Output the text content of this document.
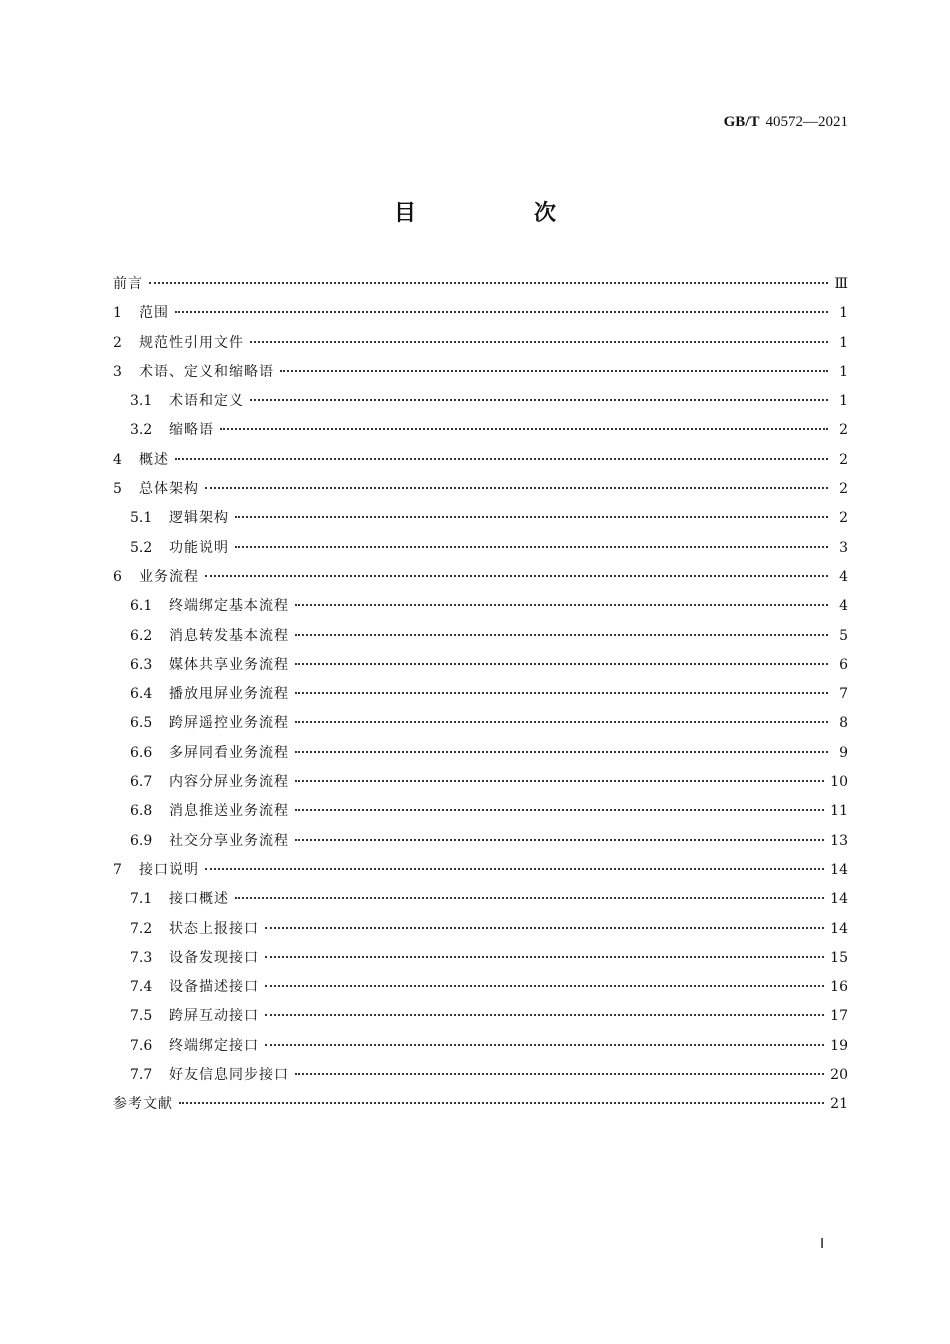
GB/T 40572—2021
目　次
前言	Ⅲ
1	范围	1
2	规范性引用文件	1
3	术语、定义和缩略语	1
3.1	术语和定义	1
3.2	缩略语	2
4	概述	2
5	总体架构	2
5.1	逻辑架构	2
5.2	功能说明	3
6	业务流程	4
6.1	终端绑定基本流程	4
6.2	消息转发基本流程	5
6.3	媒体共享业务流程	6
6.4	播放甩屏业务流程	7
6.5	跨屏遥控业务流程	8
6.6	多屏同看业务流程	9
6.7	内容分屏业务流程	10
6.8	消息推送业务流程	11
6.9	社交分享业务流程	13
7	接口说明	14
7.1	接口概述	14
7.2	状态上报接口	14
7.3	设备发现接口	15
7.4	设备描述接口	16
7.5	跨屏互动接口	17
7.6	终端绑定接口	19
7.7	好友信息同步接口	20
参考文献	21
Ⅰ
